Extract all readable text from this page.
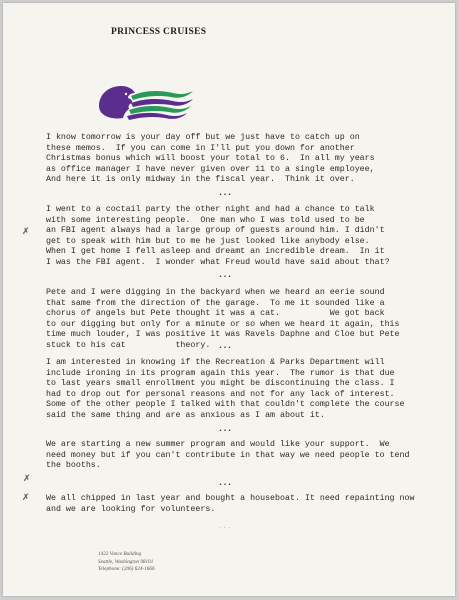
PRINCESS CRUISES

I know tomorrow is your day off but we just have to catch up on
these memos.  If you can come in I'll put you down for another
Christmas bonus which will boost your total to 6.  In all my years
as office manager I have never given over 11 to a single employee,
And here it is only midway in the fiscal year.  Think it over.

...

I went to a coctail party the other night and had a chance to talk
with some interesting people.  One man who I was told used to be
an FBI agent always had a large group of guests around him. I didn't
get to speak with him but to me he just looked like anybody else.
When I get home I fell asleep and dreamt an incredible dream.  In it
I was the FBI agent.  I wonder what Freud would have said about that?

...

Pete and I were digging in the backyard when we heard an eerie sound
that same from the direction of the garage.  To me it sounded like a
chorus of angels but Pete thought it was a cat.          We got back
to our digging but only for a minute or so when we heard it again, this
time much louder, I was positive it was Ravels Daphne and Cloe but Pete
stuck to his cat          theory. ...

I am interested in knowing if the Recreation & Parks Department will
include ironing in its program again this year.  The rumor is that due
to last years small enrollment you might be discontinuing the class. I
had to drop out for personal reasons and not for any lack of interest.
Some of the other people I talked with that couldn't complete the course
said the same thing and are as anxious as I am about it.

...

We are starting a new summer program and would like your support.  We
need money but if you can't contribute in that way we need people to tend
the booths.

...

We all chipped in last year and bought a houseboat. It need repainting now
and we are looking for volunteers.

...

✗
✗
✗
1422 Vance Building
Seattle, Washington 98101
Telephone: (206) 624-1666
